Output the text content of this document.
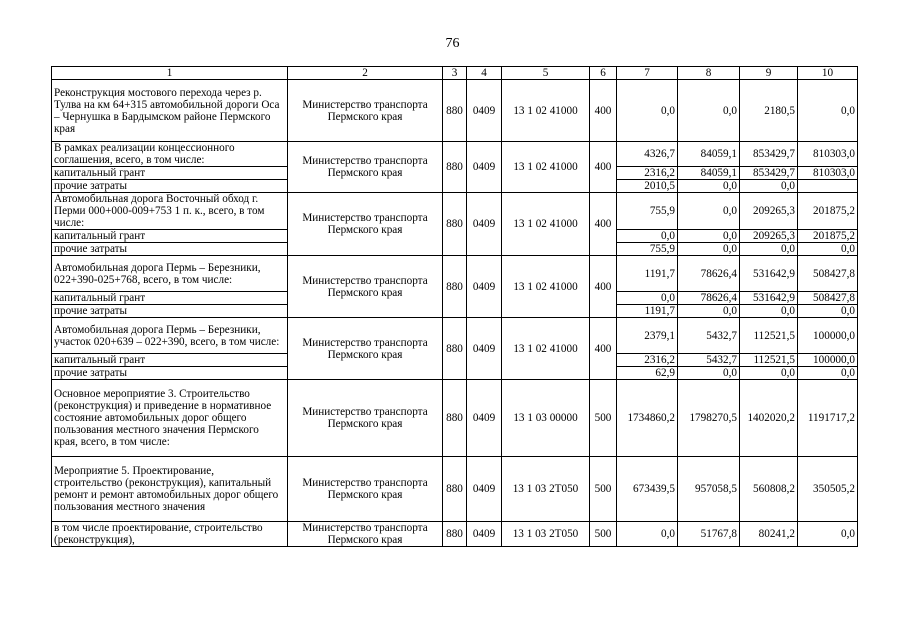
76
1	2	3	4	5	6	7	8	9	10
Реконструкция мостового перехода через р. Тулва на км 64+315 автомобильной дороги Оса – Чернушка в Бардымском районе Пермского края	Министерство транспорта Пермского края	880	0409	13 1 02 41000	400	0,0	0,0	2180,5	0,0
В рамках реализации концессионного соглашения, всего, в том числе:	Министерство транспорта Пермского края	880	0409	13 1 02 41000	400	4326,7	84059,1	853429,7	810303,0
капитальный грант						2316,2	84059,1	853429,7	810303,0
прочие затраты						2010,5	0,0	0,0	
Автомобильная дорога Восточный обход г. Перми 000+000-009+753 1 п. к., всего, в том числе:	Министерство транспорта Пермского края	880	0409	13 1 02 41000	400	755,9	0,0	209265,3	201875,2
капитальный грант						0,0	0,0	209265,3	201875,2
прочие затраты						755,9	0,0	0,0	0,0
Автомобильная дорога Пермь – Березники, 022+390-025+768, всего, в том числе:	Министерство транспорта Пермского края	880	0409	13 1 02 41000	400	1191,7	78626,4	531642,9	508427,8
капитальный грант						0,0	78626,4	531642,9	508427,8
прочие затраты						1191,7	0,0	0,0	0,0
Автомобильная дорога Пермь – Березники, участок 020+639 – 022+390, всего, в том числе:	Министерство транспорта Пермского края	880	0409	13 1 02 41000	400	2379,1	5432,7	112521,5	100000,0
капитальный грант						2316,2	5432,7	112521,5	100000,0
прочие затраты						62,9	0,0	0,0	0,0
Основное мероприятие 3. Строительство (реконструкция) и приведение в нормативное состояние автомобильных дорог общего пользования местного значения Пермского края, всего, в том числе:	Министерство транспорта Пермского края	880	0409	13 1 03 00000	500	1734860,2	1798270,5	1402020,2	1191717,2
Мероприятие 5. Проектирование, строительство (реконструкция), капитальный ремонт и ремонт автомобильных дорог общего пользования местного значения	Министерство транспорта Пермского края	880	0409	13 1 03 2Т050	500	673439,5	957058,5	560808,2	350505,2
в том числе проектирование, строительство (реконструкция),	Министерство транспорта Пермского края	880	0409	13 1 03 2Т050	500	0,0	51767,8	80241,2	0,0
